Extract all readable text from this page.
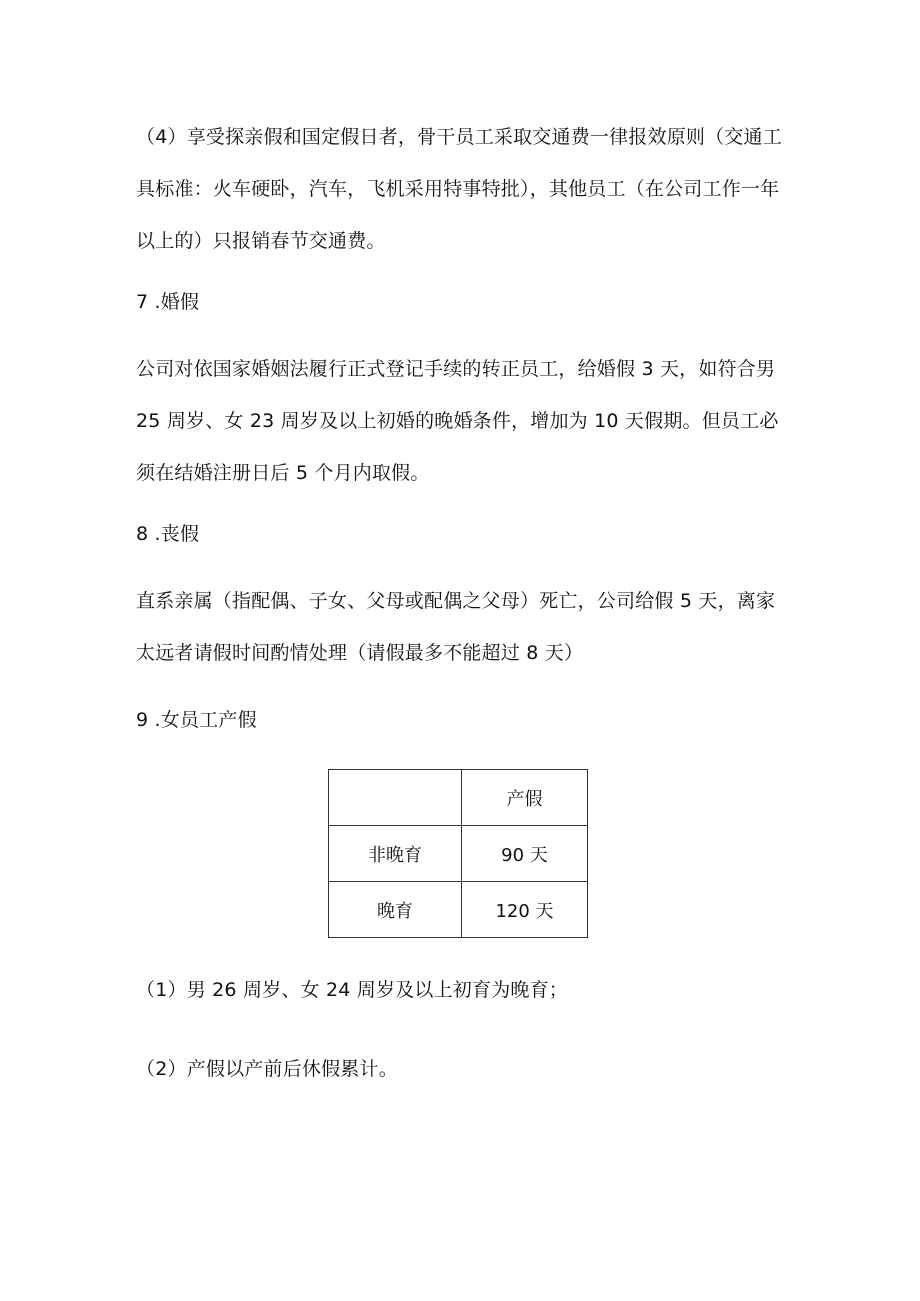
（4）享受探亲假和国定假日者，骨干员工采取交通费一律报效原则（交通工具标准：火车硬卧，汽车，飞机采用特事特批），其他员工（在公司工作一年以上的）只报销春节交通费。

7 .婚假

公司对依国家婚姻法履行正式登记手续的转正员工，给婚假 3 天，如符合男 25 周岁、女 23 周岁及以上初婚的晚婚条件，增加为 10 天假期。但员工必须在结婚注册日后 5 个月内取假。

8 .丧假

直系亲属（指配偶、子女、父母或配偶之父母）死亡，公司给假 5 天，离家太远者请假时间酌情处理（请假最多不能超过 8 天）

9 .女员工产假

	产假
非晚育	90 天
晚育	120 天

（1）男 26 周岁、女 24 周岁及以上初育为晚育；

（2）产假以产前后休假累计。
